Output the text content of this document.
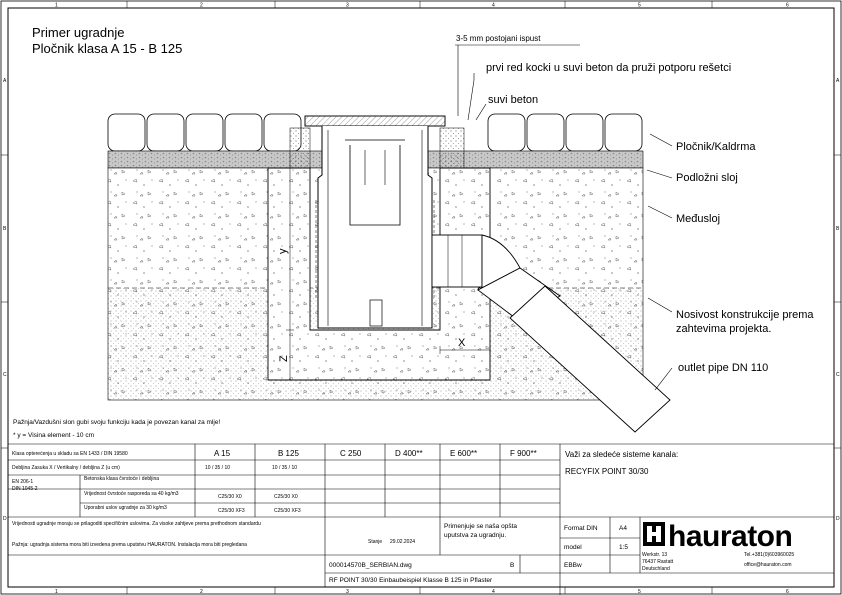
1	2	3	4	5	6
1	2	3	4	5	6
A
B
C
D
A
B
C
D
Primer ugradnje
Pločnik klasa A 15 - B 125
y
Z
X
3-5 mm postojani ispust
prvi red kocki u suvi beton da pruži potporu rešetci
suvi beton
Pločnik/Kaldrma
Podložni sloj
Međusloj
Nosivost konstrukcije prema
zahtevima projekta.
outlet pipe DN 110
Pažnja/Vazdušni slon gubi svoju funkciju kada je povezan kanal za mlje!
* y = Visina element - 10 cm
Klasa opterećenja u skladu sa EN 1433 / DIN 19580	A 15	B 125	C 250	D 400**	E 600**	F 900**
Debljina Zasuka X / Vertikalny / debljina Z (u cm)	10 / 35 / 10	10 / 35 / 10
EN 206-1
DIN 1045-2
Betonska klasa čvrstoće i debljina
Vrijednost čvrstoće rasporeda sa 40 kg/m3	C25/30 X0	C25/30 X0
Uporabni uslov ugradnje za 30 kg/m3	C25/30 XF3	C25/30 XF3
Važi za sledeće sisteme kanala:
RECYFIX POINT 30/30
Vrijednosti ugradnje moraju se prilagoditi specifičnim uslovima. Za visoke zahtjeve prema prethodnom standardu
Pažnja: ugradnja sistema mora biti izvedena prema uputstvu HAURATON. Instalacija mora biti pregledana
Primenjuje se naša opšta
uputstva za ugradnju.
Format DIN	A4
model	1:5
Stanje 29.02.2024
000014570B_SERBIAN.dwg	B	EBBw
RF POINT 30/30 Einbaubeispiel Klasse B 125 in Pflaster
hauraton
Werkstr. 13
76437 Rastatt
Deutschland
Tel.+381(0)603960025
office@hauraton.com
